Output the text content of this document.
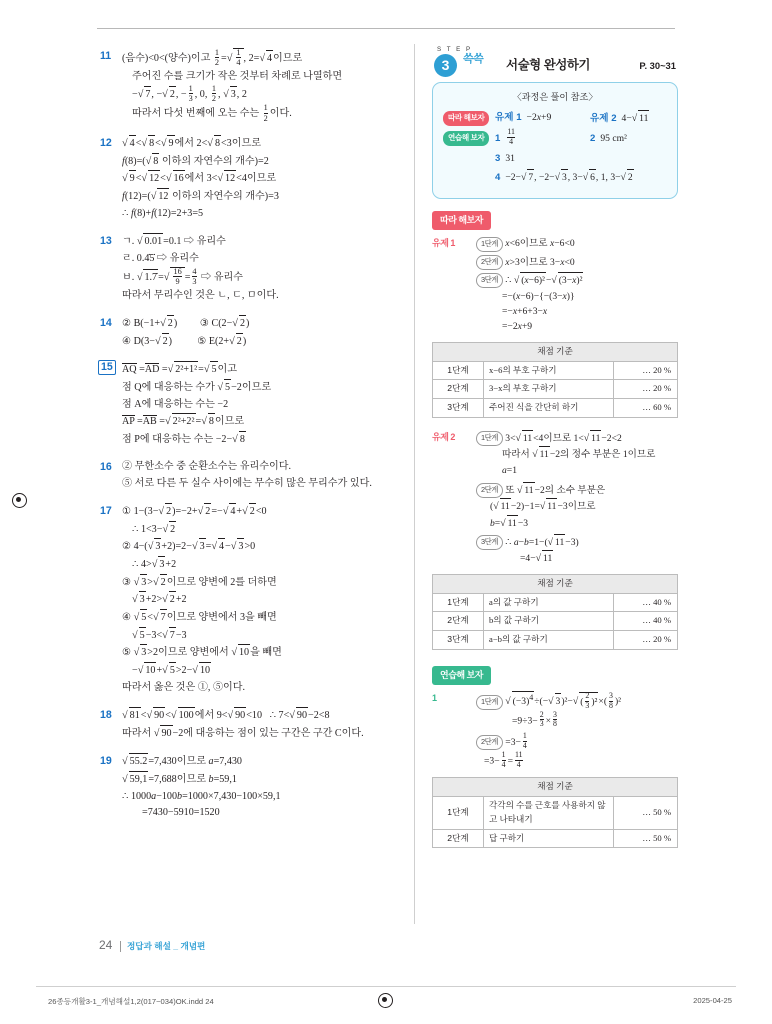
11 (음수)<0<(양수)이고 $\frac{1}{2}$ =√ $\frac{1}{4}$ , 2= √ 4이므로
주어진 수를 크기가 작은 것부터 차례로 나열하면
− √ 7, − √ 2, − $\frac{1}{3}$ , 0, $\frac{1}{2}$ , √ 3, 2
따라서 다섯 번째에 오는 수는 $\frac{1}{2}$ 이다.
12 √	4< √ 8< √ 9에서 2< √ 8<3이므로
f(8)=( √ 8 이하의 자연수의 개수)=2
√ 9< √ 12< √ 16에서 3< √ 12<4이므로
f(12)=( √ 12 이하의 자연수의 개수)=3
∴ f(8)+f(12)=2+3=5
13 ㄱ. √ 0.01=0.1 ⇨ 유리수
ㄹ. 0.4̇5̇ ⇨ 유리수
ㅂ. √ 1.7̇=√ $\frac{16}{9} = \frac{4}{3}$ ⇨ 유리수
따라서 무리수인 것은 ㄴ, ㄷ, ㅁ이다.
14 ② B(−1+ √ 2)         ③ C(2− √ 2)
④ D(3− √ 2)          ⑤ E(2+ √ 2)
15 AQ =AD = √ 2²+1²= √ 5이고
점 Q에 대응하는 수가 √ 5−2이므로
점 A에 대응하는 수는 −2
AP =AB = √ 2²+2²= √ 8이므로
점 P에 대응하는 수는 −2− √ 8
16 ② 무한소수 중 순환소수는 유리수이다.
⑤ 서로 다른 두 실수 사이에는 무수히 많은 무리수가 있다.
17 ① 1−(3− √ 2)=−2+ √ 2=− √ 4+ √ 2<0
∴ 1<3− √ 2
② 4−( √ 3+2)=2− √ 3= √ 4− √ 3>0
∴ 4> √ 3+2
③ √ 3> √ 2이므로 양변에 2를 더하면
√ 3+2> √ 2+2
④ √ 5< √ 7이므로 양변에서 3을 빼면
√ 5−3< √ 7−3
⑤ √ 3>2이므로 양변에서 √ 10을 빼면
− √ 10+ √ 5>2− √ 10
따라서 옳은 것은 ①, ⑤이다.
18 √	81< √ 90< √ 100에서 9< √ 90<10   ∴ 7< √ 90−2<8
따라서 √ 90−2에 대응하는 점이 있는 구간은 구간 C이다.
19 √	55.2=7,430이므로 a=7,430
√ 59,1=7,688이므로 b=59,1
∴ 1000a−100b=1000×7,430−100×59,1
=7430−5910=1520
S T E P
3	쓱쓱 서술형 완성하기	P. 30~31
〈과정은 풀이 참조〉
따라 해보자	유제 1 −2x+9	유제 2 4−√ 11
연습해 보자	$1 \frac{11}{4}$	2 95 cm²
3 31
4 −2− √ 7, −2− √ 3, 3− √ 6, 1, 3− √ 2
따라 해보자
유제 1	1단계 x<6이므로 x−6<0
2단계 x>3이므로 3−x<0
3단계 ∴ √ (x−6)²− √ (3−x)²
=−(x−6)−{−(3−x)}
=−x+6+3−x
=−2x+9
채점 기준		
1단계	x−6의 부호 구하기	… 20 %
2단계	3−x의 부호 구하기	… 20 %
3단계	주어진 식을 간단히 하기	… 60 %
유제 2	1단계 3< √ 11<4이므로 1< √ 11−2<2
따라서 √ 11−2의 정수 부분은 1이므로
a=1
2단계 또 √ 11−2의 소수 부분은
( √ 11−2)−1= √ 11−3이므로
b= √ 11−3
3단계 ∴ a−b=1−( √ 11−3)
=4− √ 11
채점 기준		
1단계	a의 값 구하기	… 40 %
2단계	b의 값 구하기	… 40 %
3단계	a−b의 값 구하기	… 20 %
연습해 보자
1	1단계 √ $(-3)^4\div(-$ √ 3)²−√ ( $\frac{2}{3} )^2\times( \frac{3}{8} )^2$
$=9\div 3- \frac{2}{3} \times \frac{3}{8}$
2단계 $=3- \frac{1}{4}$
$=3- \frac{1}{4} = \frac{11}{4}$
채점 기준		
1단계	각각의 수를 근호를 사용하지 않고 나타내기	… 50 %
2단계	답 구하기	… 50 %
24 정답과 해설 _ 개념편
26종등개활3-1_개념해설1,2(017~034)OK.indd 24	2025-04-25
